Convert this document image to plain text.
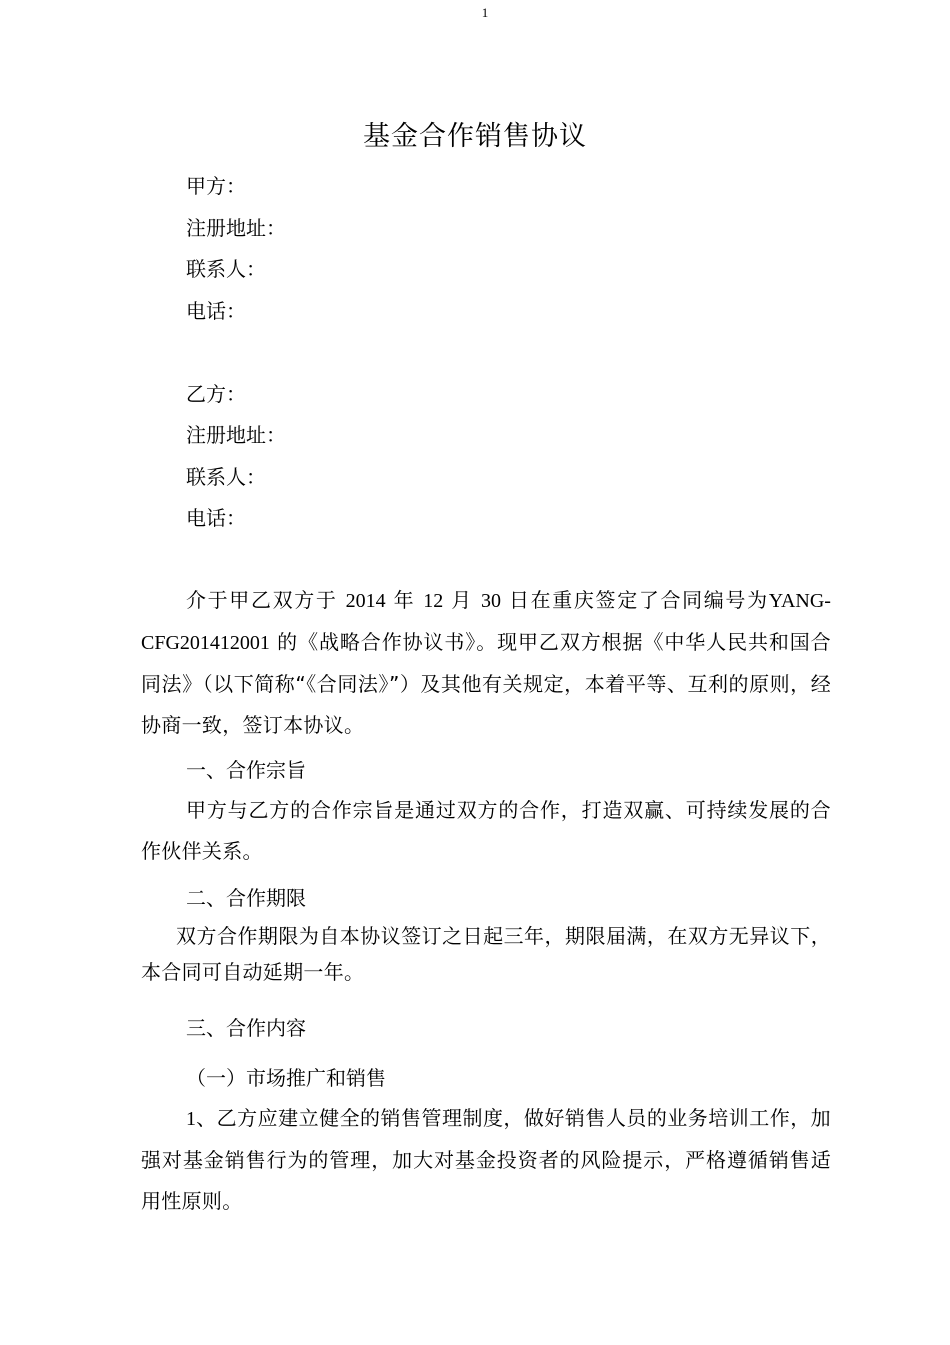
1
基金合作销售协议
甲方：
注册地址：
联系人：
电话：
乙方：
注册地址：
联系人：
电话：
介于甲乙双方于 2014 年 12 月 30 日在重庆签定了合同编号为YANG-CFG201412001 的《战略合作协议书》。现甲乙双方根据《中华人民共和国合同法》（以下简称“《合同法》”）及其他有关规定，本着平等、互利的原则，经协商一致，签订本协议。
一、合作宗旨
甲方与乙方的合作宗旨是通过双方的合作，打造双赢、可持续发展的合作伙伴关系。
二、合作期限
双方合作期限为自本协议签订之日起三年，期限届满，在双方无异议下，本合同可自动延期一年。
三、合作内容
（一）市场推广和销售
1、乙方应建立健全的销售管理制度，做好销售人员的业务培训工作，加强对基金销售行为的管理，加大对基金投资者的风险提示，严格遵循销售适用性原则。
